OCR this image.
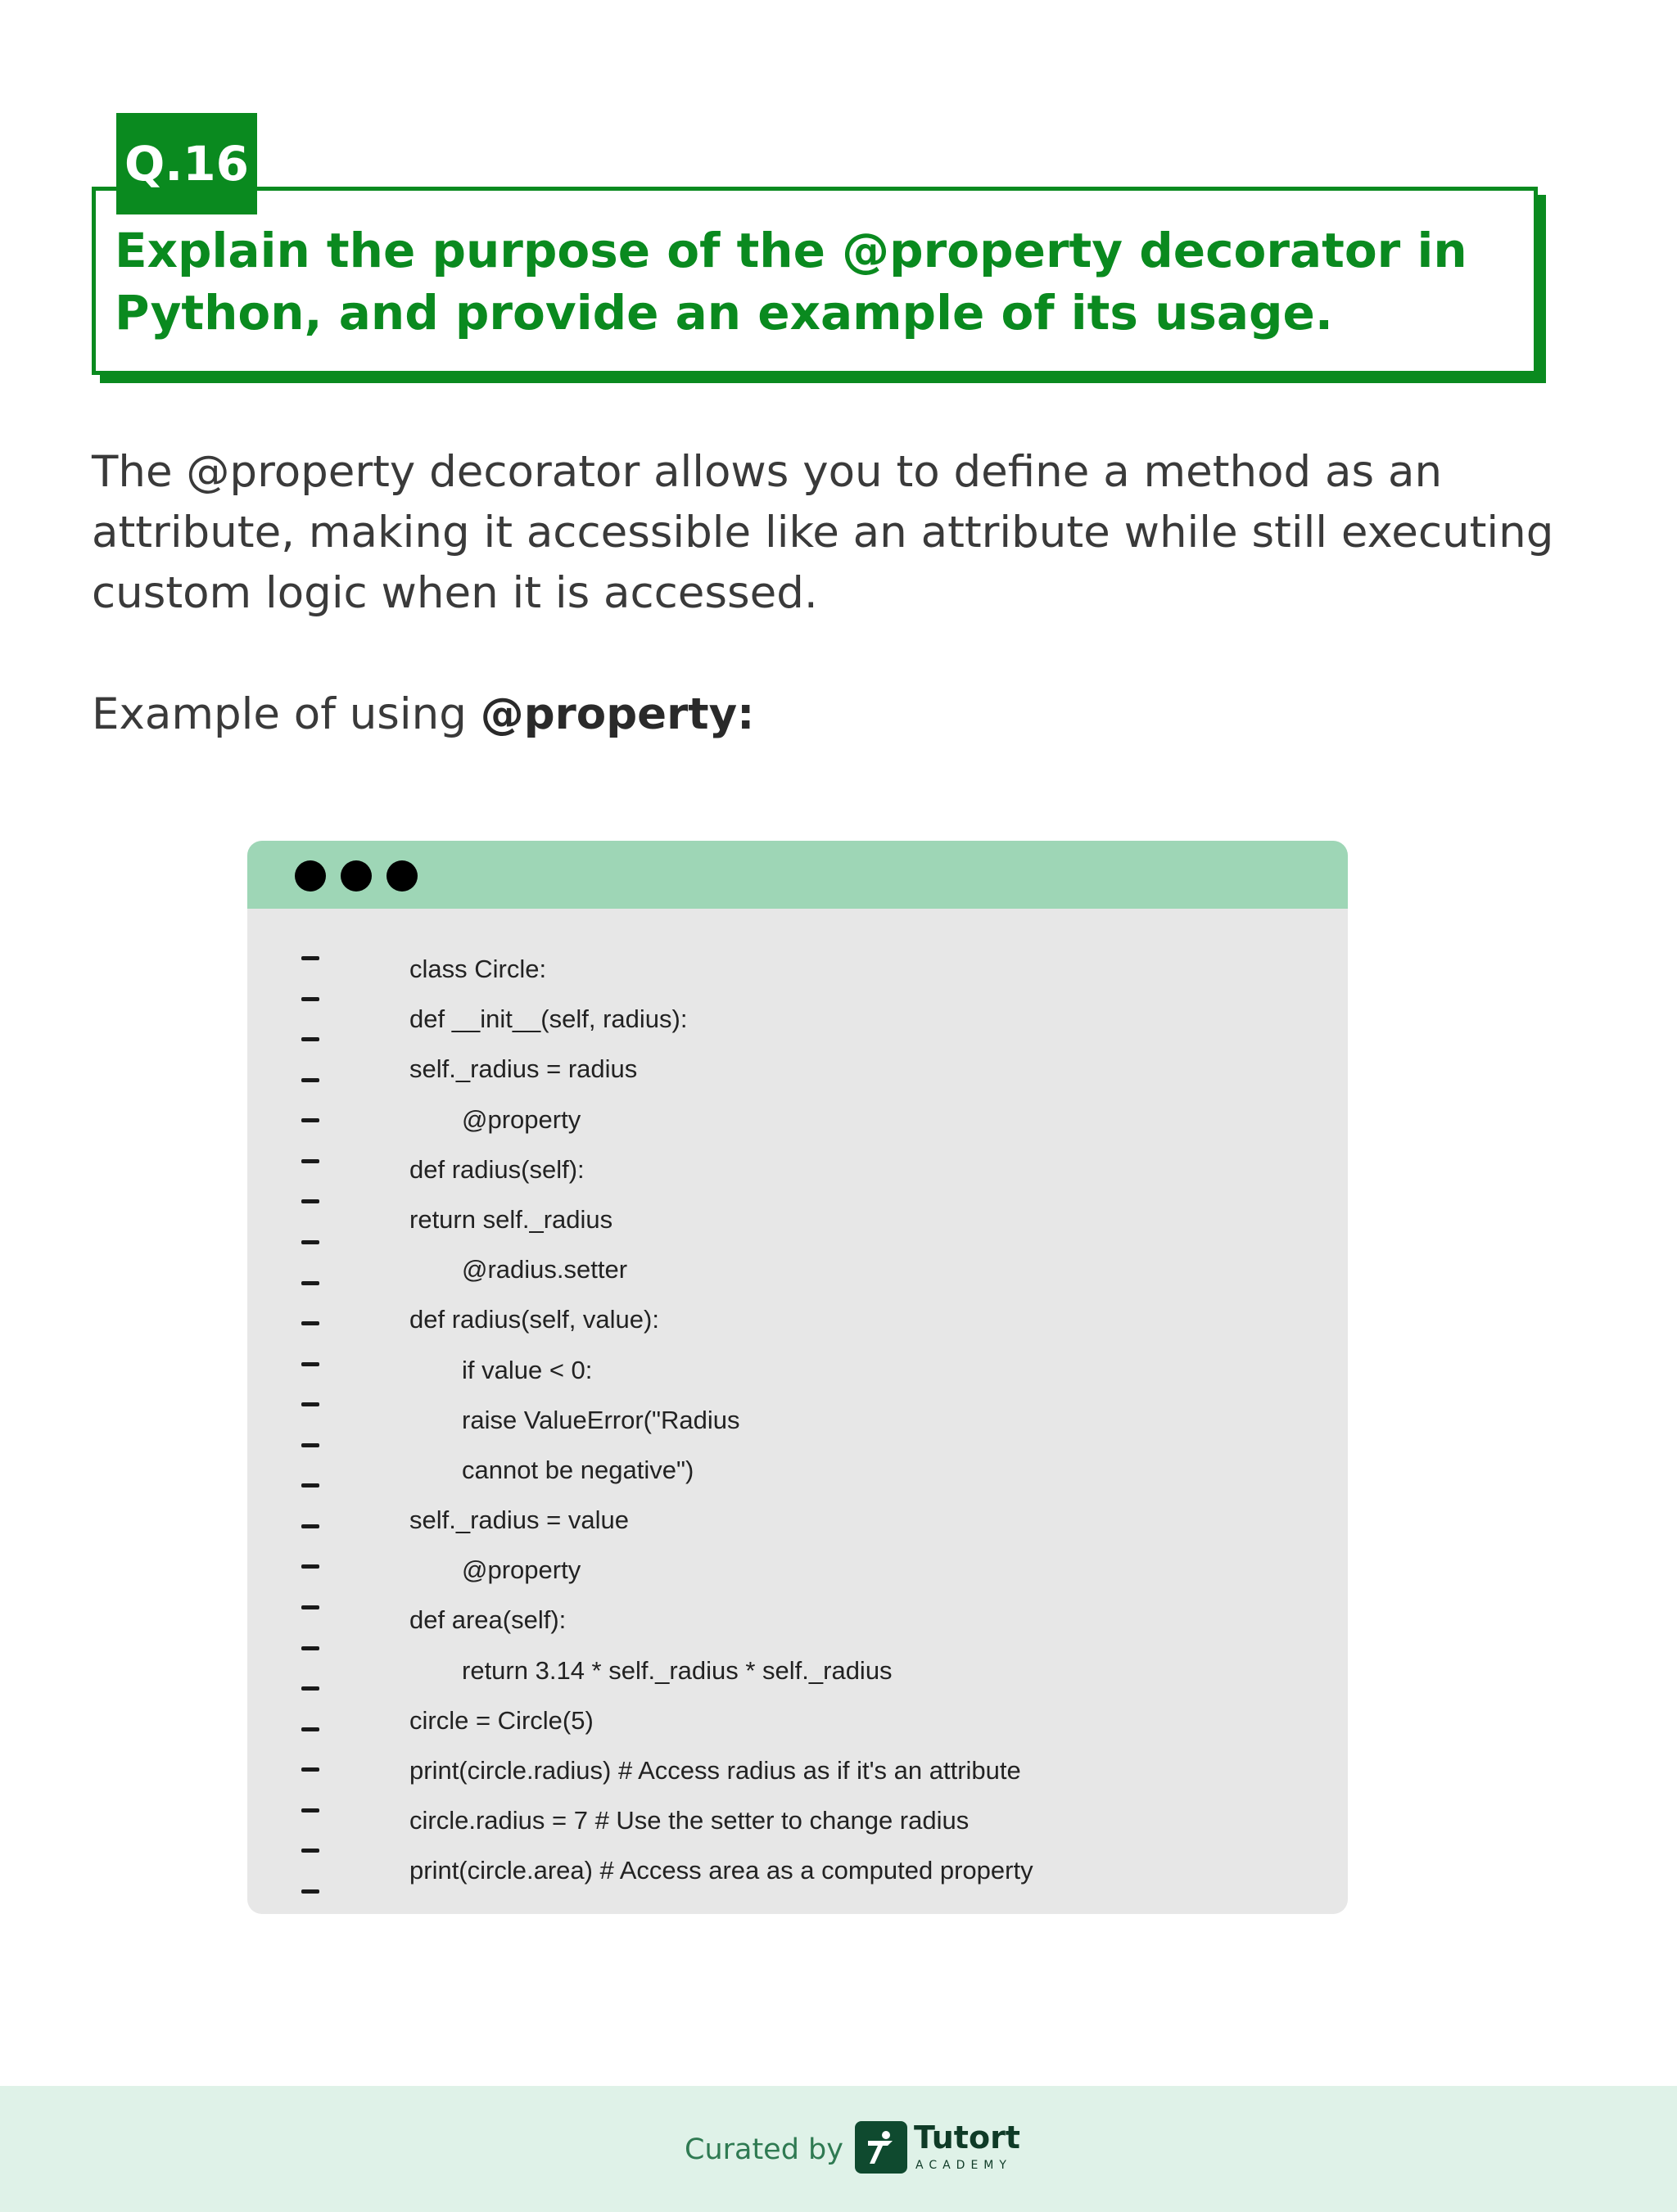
Q.16

Explain the purpose of the @property decorator in Python, and provide an example of its usage.

The @property decorator allows you to define a method as an attribute, making it accessible like an attribute while still executing custom logic when it is accessed.

Example of using @property:

class Circle:
def __init__(self, radius):
self._radius = radius
@property
def radius(self):
return self._radius
@radius.setter
def radius(self, value):
if value < 0:
raise ValueError("Radius
cannot be negative")
self._radius = value
@property
def area(self):
return 3.14 * self._radius * self._radius
circle = Circle(5)
print(circle.radius) # Access radius as if it's an attribute
circle.radius = 7 # Use the setter to change radius
print(circle.area) # Access area as a computed property
Curated by Tutort
ACADEMY
